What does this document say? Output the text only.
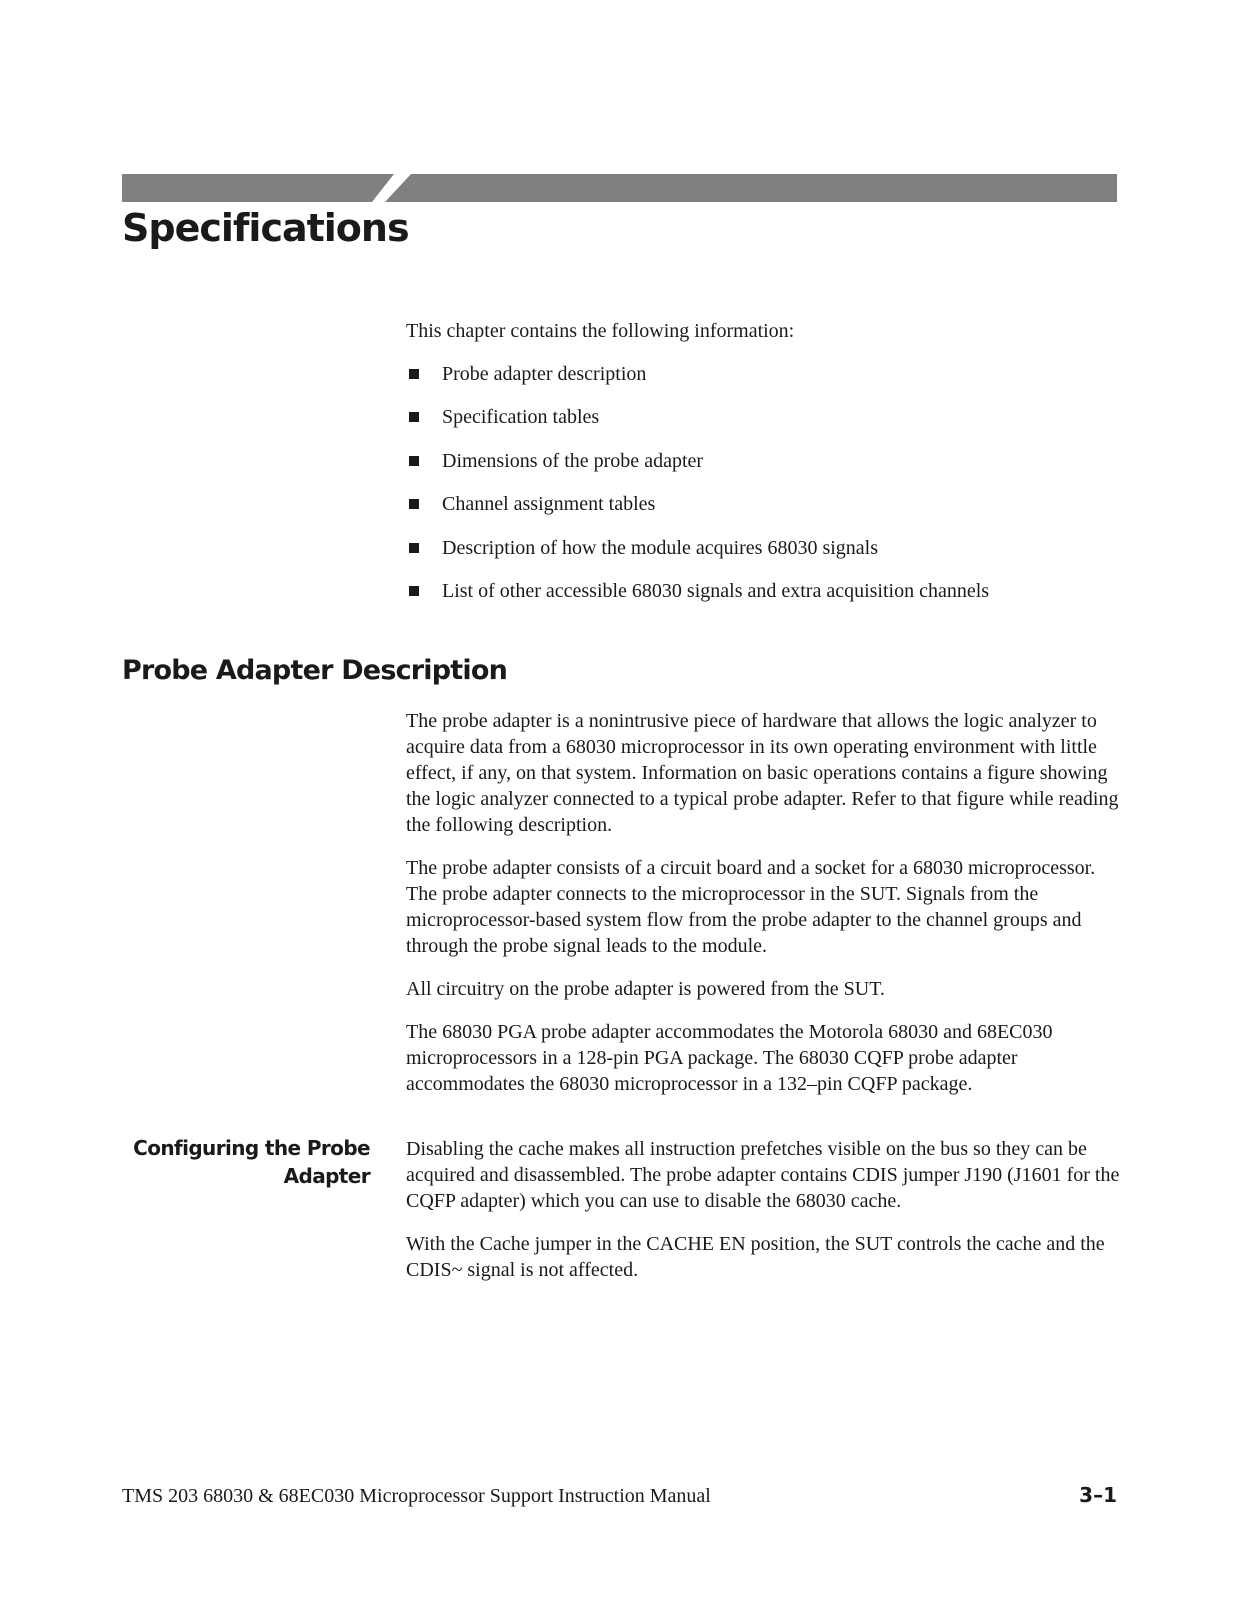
Specifications

This chapter contains the following information:

Probe adapter description
Specification tables
Dimensions of the probe adapter
Channel assignment tables
Description of how the module acquires 68030 signals
List of other accessible 68030 signals and extra acquisition channels
Probe Adapter Description

The probe adapter is a nonintrusive piece of hardware that allows the logic analyzer to acquire data from a 68030 microprocessor in its own operating environment with little effect, if any, on that system. Information on basic operations contains a figure showing the logic analyzer connected to a typical probe adapter. Refer to that figure while reading the following description.

The probe adapter consists of a circuit board and a socket for a 68030 microprocessor. The probe adapter connects to the microprocessor in the SUT. Signals from the microprocessor-based system flow from the probe adapter to the channel groups and through the probe signal leads to the module.

All circuitry on the probe adapter is powered from the SUT.

The 68030 PGA probe adapter accommodates the Motorola 68030 and 68EC030 microprocessors in a 128-pin PGA package. The 68030 CQFP probe adapter accommodates the 68030 microprocessor in a 132–pin CQFP package.

Configuring the Probe
Adapter

Disabling the cache makes all instruction prefetches visible on the bus so they can be acquired and disassembled. The probe adapter contains CDIS jumper J190 (J1601 for the CQFP adapter) which you can use to disable the 68030 cache.

With the Cache jumper in the CACHE EN position, the SUT controls the cache and the CDIS~ signal is not affected.

TMS 203 68030 & 68EC030 Microprocessor Support Instruction Manual	3–1
